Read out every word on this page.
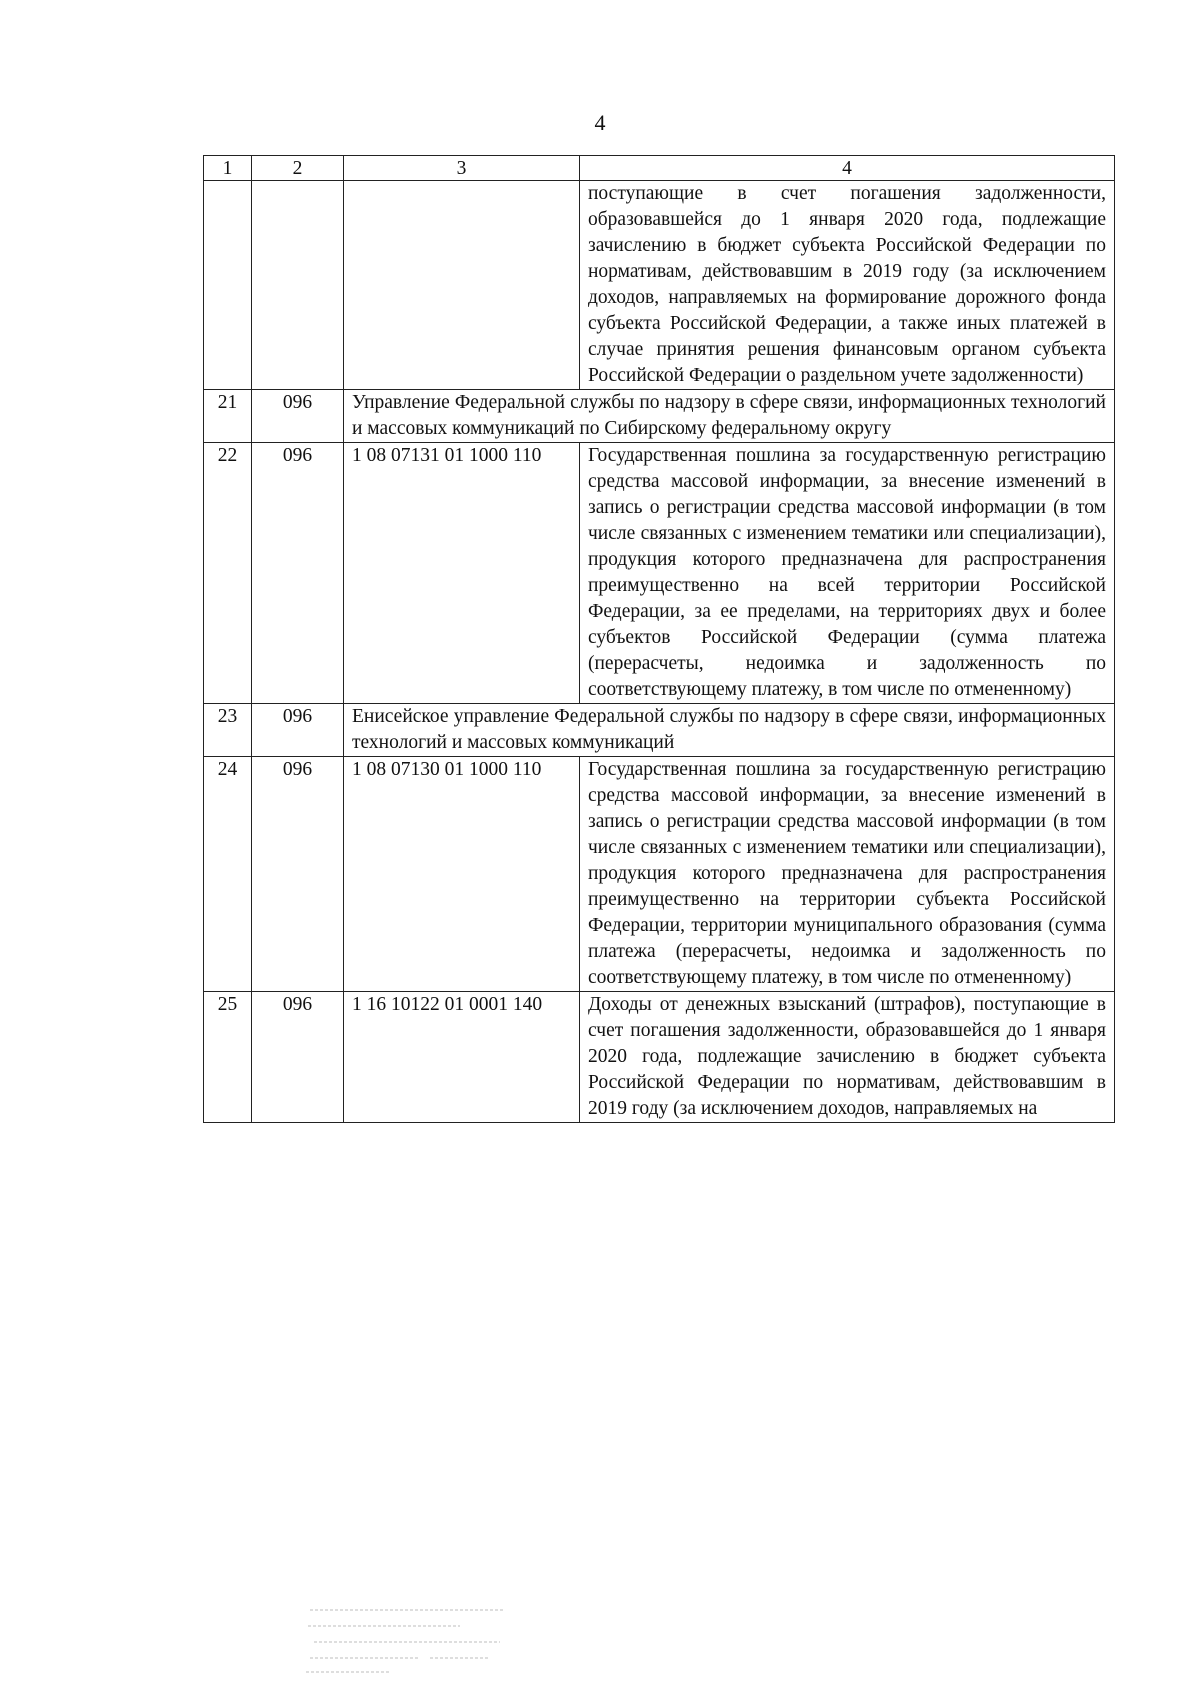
4
1	2	3	4
			поступающие в счет погашения задолженности, образовавшейся до 1 января 2020 года, подлежащие зачислению в бюджет субъекта Российской Федерации по нормативам, действовавшим в 2019 году (за исключением доходов, направляемых на формирование дорожного фонда субъекта Российской Федерации, а также иных платежей в случае принятия решения финансовым органом субъекта Российской Федерации о раздельном учете задолженности)
21	096	Управление Федеральной службы по надзору в сфере связи, информационных технологий и массовых коммуникаций по Сибирскому федеральному округу	
22	096	1 08 07131 01 1000 110	Государственная пошлина за государственную регистрацию средства массовой информации, за внесение изменений в запись о регистрации средства массовой информации (в том числе связанных с изменением тематики или специализации), продукция которого предназначена для распространения преимущественно на всей территории Российской Федерации, за ее пределами, на территориях двух и более субъектов Российской Федерации (сумма платежа (перерасчеты, недоимка и задолженность по соответствующему платежу, в том числе по отмененному)
23	096	Енисейское управление Федеральной службы по надзору в сфере связи, информационных технологий и массовых коммуникаций	
24	096	1 08 07130 01 1000 110	Государственная пошлина за государственную регистрацию средства массовой информации, за внесение изменений в запись о регистрации средства массовой информации (в том числе связанных с изменением тематики или специализации), продукция которого предназначена для распространения преимущественно на территории субъекта Российской Федерации, территории муниципального образования (сумма платежа (перерасчеты, недоимка и задолженность по соответствующему платежу, в том числе по отмененному)
25	096	1 16 10122 01 0001 140	Доходы от денежных взысканий (штрафов), поступающие в счет погашения задолженности, образовавшейся до 1 января 2020 года, подлежащие зачислению в бюджет субъекта Российской Федерации по нормативам, действовавшим в 2019 году (за исключением доходов, направляемых на
